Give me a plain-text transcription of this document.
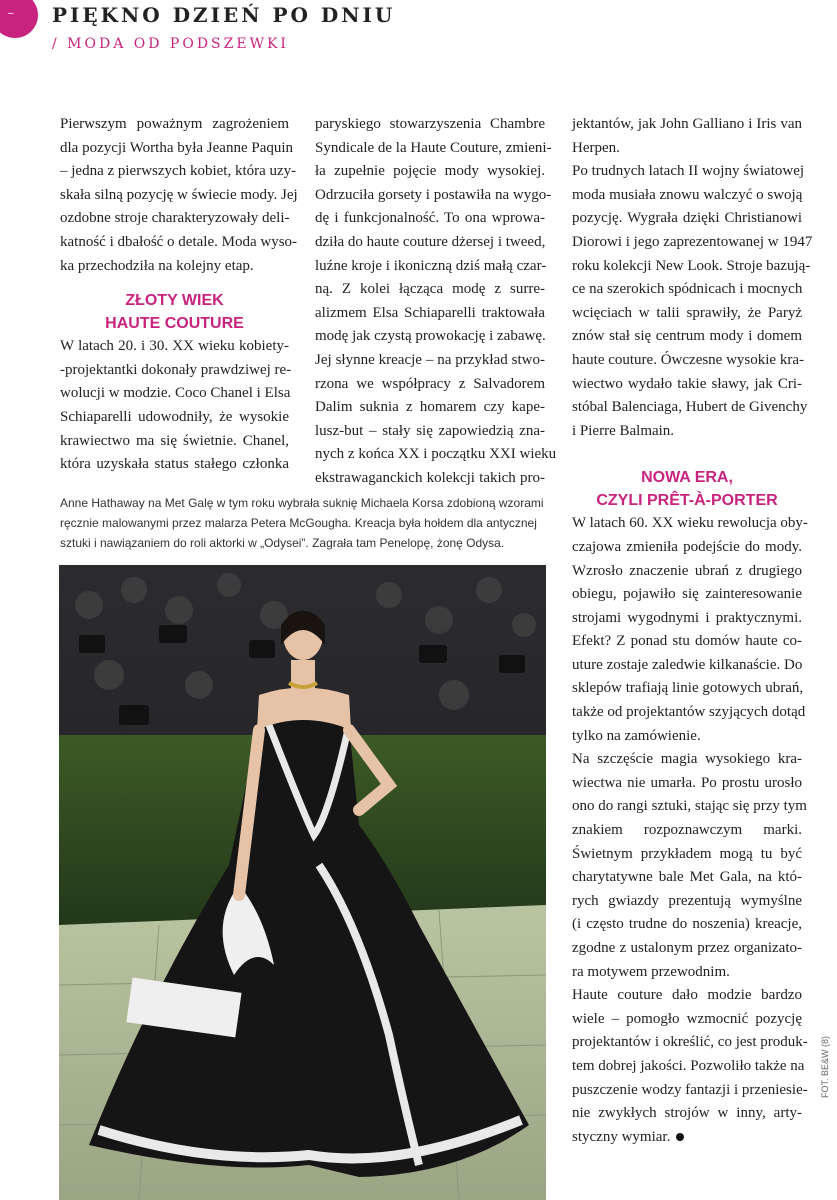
– PIĘKNO DZIEŃ PO DNIU
/ MODA OD PODSZEWKI

Pierwszym poważnym zagrożeniem
dla pozycji Wortha była Jeanne Paquin
– jedna z pierwszych kobiet, która uzy-
skała silną pozycję w świecie mody. Jej
ozdobne stroje charakteryzowały deli-
katność i dbałość o detale. Moda wyso-
ka przechodziła na kolejny etap.

ZŁOTY WIEK
HAUTE COUTURE

W latach 20. i 30. XX wieku kobiety-
-projektantki dokonały prawdziwej re-
wolucji w modzie. Coco Chanel i Elsa
Schiaparelli udowodniły, że wysokie
krawiectwo ma się świetnie. Chanel,
która uzyskała status stałego członka

paryskiego stowarzyszenia Chambre
Syndicale de la Haute Couture, zmieni-
ła zupełnie pojęcie mody wysokiej.
Odrzuciła gorsety i postawiła na wygo-
dę i funkcjonalność. To ona wprowa-
dziła do haute couture dżersej i tweed,
luźne kroje i ikoniczną dziś małą czar-
ną. Z kolei łącząca modę z surre-
alizmem Elsa Schiaparelli traktowała
modę jak czystą prowokację i zabawę.
Jej słynne kreacje – na przykład stwo-
rzona we współpracy z Salvadorem
Dalim suknia z homarem czy kape-
lusz-but – stały się zapowiedzią zna-
nych z końca XX i początku XXI wieku
ekstrawaganckich kolekcji takich pro-

jektantów, jak John Galliano i Iris van
Herpen.

Po trudnych latach II wojny światowej
moda musiała znowu walczyć o swoją
pozycję. Wygrała dzięki Christianowi
Diorowi i jego zaprezentowanej w 1947
roku kolekcji New Look. Stroje bazują-
ce na szerokich spódnicach i mocnych
wcięciach w talii sprawiły, że Paryż
znów stał się centrum mody i domem
haute couture. Ówczesne wysokie kra-
wiectwo wydało takie sławy, jak Cri-
stóbal Balenciaga, Hubert de Givenchy
i Pierre Balmain.

NOWA ERA,
CZYLI PRÊT-À-PORTER

W latach 60. XX wieku rewolucja oby-
czajowa zmieniła podejście do mody.
Wzrosło znaczenie ubrań z drugiego
obiegu, pojawiło się zainteresowanie
strojami wygodnymi i praktycznymi.
Efekt? Z ponad stu domów haute co-
uture zostaje zaledwie kilkanaście. Do
sklepów trafiają linie gotowych ubrań,
także od projektantów szyjących dotąd
tylko na zamówienie.

Na szczęście magia wysokiego kra-
wiectwa nie umarła. Po prostu urosło
ono do rangi sztuki, stając się przy tym
znakiem rozpoznawczym marki.
Świetnym przykładem mogą tu być
charytatywne bale Met Gala, na któ-
rych gwiazdy prezentują wymyślne
(i często trudne do noszenia) kreacje,
zgodne z ustalonym przez organizato-
ra motywem przewodnim.

Haute couture dało modzie bardzo
wiele – pomogło wzmocnić pozycję
projektantów i określić, co jest produk-
tem dobrej jakości. Pozwoliło także na
puszczenie wodzy fantazji i przeniesie-
nie zwykłych strojów w inny, arty-
styczny wymiar.

Anne Hathaway na Met Galę w tym roku wybrała suknię Michaela Korsa zdobioną wzorami
ręcznie malowanymi przez malarza Petera McGougha. Kreacja była hołdem dla antycznej
sztuki i nawiązaniem do roli aktorki w „Odysei”. Zagrała tam Penelopę, żonę Odysa.
FOT. BE&W (8)
